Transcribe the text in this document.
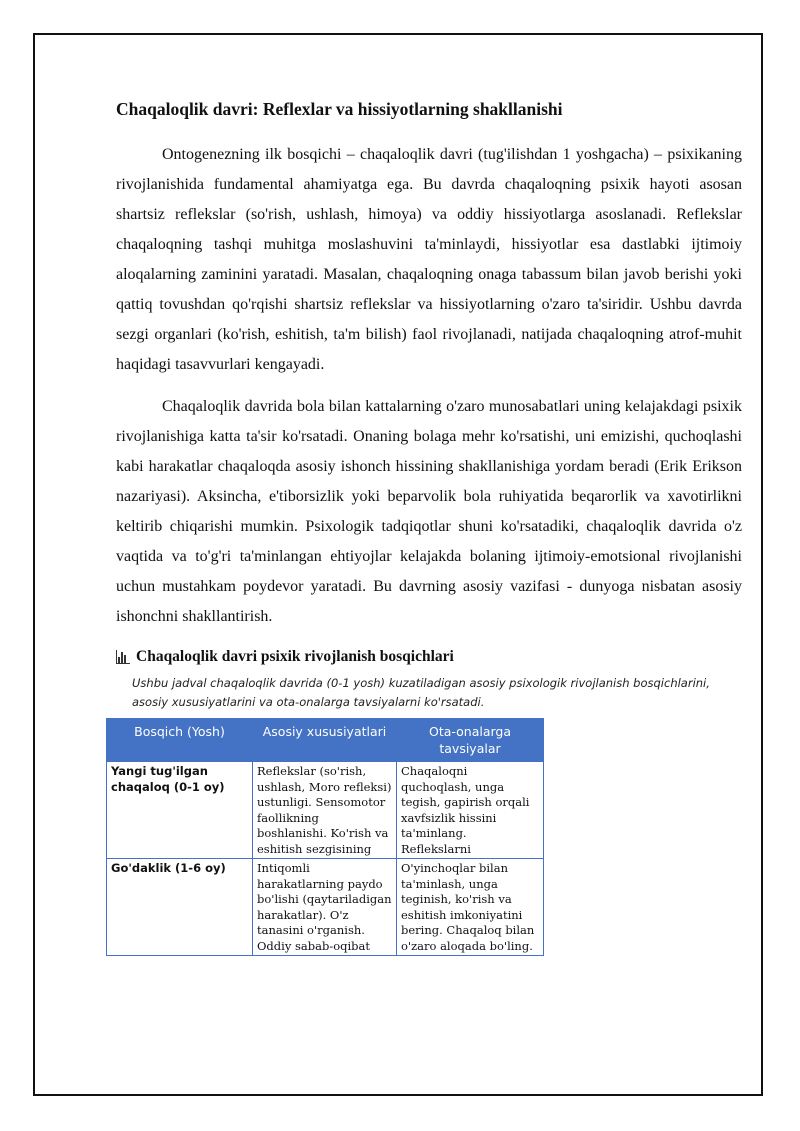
Chaqaloqlik davri: Reflexlar va hissiyotlarning shakllanishi

Ontogenezning ilk bosqichi – chaqaloqlik davri (tug'ilishdan 1 yoshgacha) – psixikaning rivojlanishida fundamental ahamiyatga ega. Bu davrda chaqaloqning psixik hayoti asosan shartsiz reflekslar (so'rish, ushlash, himoya) va oddiy hissiyotlarga asoslanadi. Reflekslar chaqaloqning tashqi muhitga moslashuvini ta'minlaydi, hissiyotlar esa dastlabki ijtimoiy aloqalarning zaminini yaratadi. Masalan, chaqaloqning onaga tabassum bilan javob berishi yoki qattiq tovushdan qo'rqishi shartsiz reflekslar va hissiyotlarning o'zaro ta'siridir. Ushbu davrda sezgi organlari (ko'rish, eshitish, ta'm bilish) faol rivojlanadi, natijada chaqaloqning atrof-muhit haqidagi tasavvurlari kengayadi.

Chaqaloqlik davrida bola bilan kattalarning o'zaro munosabatlari uning kelajakdagi psixik rivojlanishiga katta ta'sir ko'rsatadi. Onaning bolaga mehr ko'rsatishi, uni emizishi, quchoqlashi kabi harakatlar chaqaloqda asosiy ishonch hissining shakllanishiga yordam beradi (Erik Erikson nazariyasi). Aksincha, e'tiborsizlik yoki beparvolik bola ruhiyatida beqarorlik va xavotirlikni keltirib chiqarishi mumkin. Psixologik tadqiqotlar shuni ko'rsatadiki, chaqaloqlik davrida o'z vaqtida va to'g'ri ta'minlangan ehtiyojlar kelajakda bolaning ijtimoiy-emotsional rivojlanishi uchun mustahkam poydevor yaratadi. Bu davrning asosiy vazifasi - dunyoga nisbatan asosiy ishonchni shakllantirish.

Chaqaloqlik davri psixik rivojlanish bosqichlari
Ushbu jadval chaqaloqlik davrida (0-1 yosh) kuzatiladigan asosiy psixologik rivojlanish bosqichlarini, asosiy xususiyatlarini va ota-onalarga tavsiyalarni ko'rsatadi.
Bosqich (Yosh)	Asosiy xususiyatlari	Ota-onalarga tavsiyalar

Yangi tug'ilgan chaqaloq (0-1 oy)	Reflekslar (so'rish, ushlash, Moro refleksi) ustunligi. Sensomotor faollikning boshlanishi. Ko'rish va eshitish sezgisining	Chaqaloqni quchoqlash, unga tegish, gapirish orqali xavfsizlik hissini ta'minlang. Reflekslarni

Go'daklik (1-6 oy)	Intiqomli harakatlarning paydo bo'lishi (qaytariladigan harakatlar). O'z tanasini o'rganish. Oddiy sabab-oqibat	O'yinchoqlar bilan ta'minlash, unga teginish, ko'rish va eshitish imkoniyatini bering. Chaqaloq bilan o'zaro aloqada bo'ling.
